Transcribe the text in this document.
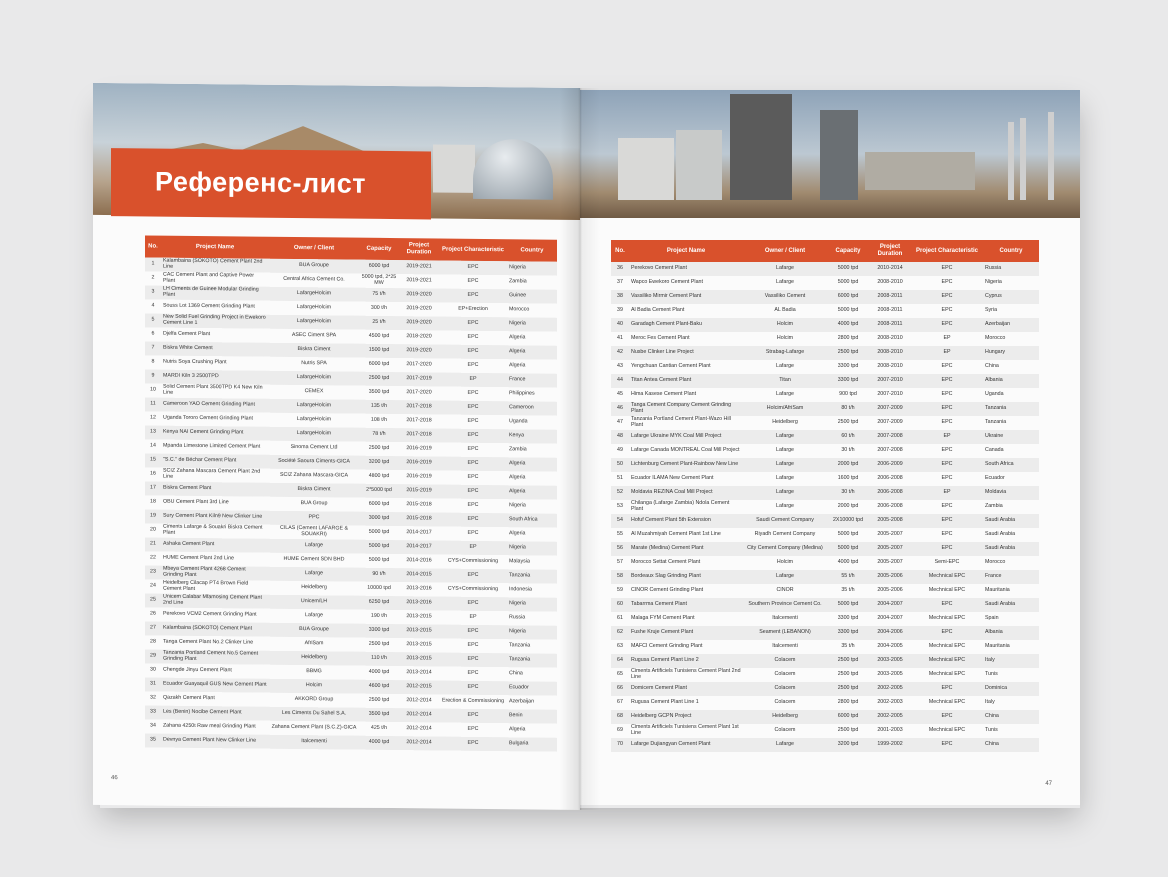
Референс-лист
No.	Project Name	Owner / Client	Capacity	Project Duration	Project Characteristic	Country
1	Kalambaina (SOKOTO) Cement Plant 2nd Line	BUA Groupe	6000 tpd	2019-2021	EPC	Nigeria
2	CAC Cement Plant and Captive Power Plant	Central Africa Cement Co.	5000 tpd, 2*25 MW	2019-2021	EPC	Zambia
3	LH Ciments de Guinee Modular Grinding Plant	LafargeHolcim	75 t/h	2019-2020	EPC	Guinee
4	Souss Lot 1369 Cement Grinding Plant	LafargeHolcim	300 t/h	2019-2020	EP+Erection	Morocco
5	New Solid Fuel Grinding Project in Ewekoro Cement Line 1	LafargeHolcim	25 t/h	2019-2020	EPC	Nigeria
6	Djelfa Cement Plant	ASEC Ciment SPA	4500 tpd	2018-2020	EPC	Algeria
7	Biskra White Cement	Biskra Ciment	1500 tpd	2019-2020	EPC	Algeria
8	Nutris Soya Crushing Plant	Nutris SPA	6000 tpd	2017-2020	EPC	Algeria
9	MARDI Kiln 3 2500TPD	LafargeHolcim	2500 tpd	2017-2019	EP	France
10	Solid Cement Plant 3500TPD K4 New Kiln Line	CEMEX	3500 tpd	2017-2020	EPC	Philippines
11	Cameroon YAO Cement Grinding Plant	LafargeHolcim	135 t/h	2017-2018	EPC	Cameroon
12	Uganda Tororo Cement Grinding Plant	LafargeHolcim	108 t/h	2017-2018	EPC	Uganda
13	Kenya NAI Cement Grinding Plant	LafargeHolcim	78 t/h	2017-2018	EPC	Kenya
14	Mpanda Limestone Limited Cement Plant	Sinoma Cement Ltd	2500 tpd	2016-2019	EPC	Zambia
15	"S.C." de Béchar Cement Plant	Société Saoura Ciments-GICA	3200 tpd	2016-2019	EPC	Algeria
16	SCIZ Zahana Mascara Cement Plant 2nd Line	SCIZ Zahana Mascara-GICA	4800 tpd	2016-2019	EPC	Algeria
17	Biskra Cement Plant	Biskra Ciment	2*5000 tpd	2015-2019	EPC	Algeria
18	OBU Cement Plant 3rd Line	BUA Group	6000 tpd	2015-2018	EPC	Nigeria
19	Sury Cement Plant Kiln9 New Clinker Line	PPC	3000 tpd	2015-2018	EPC	South Africa
20	Ciments Lafarge & Souakri Biskra Cement Plant	CILAS (Cement LAFARGE & SOUAKRI)	5000 tpd	2014-2017	EPC	Algeria
21	Ashaka Cement Plant	Lafarge	5000 tpd	2014-2017	EP	Nigeria
22	HUME Cement Plant 2nd Line	HUME Cement SDN BHD	5000 tpd	2014-2016	CYS+Commissioning	Malaysia
23	Mbeya Cement Plant 4268 Cement Grinding Plant	Lafarge	90 t/h	2014-2015	EPC	Tanzania
24	Heidelberg Cilacap PT4 Brown Field Cement Plant	Heidelberg	10000 tpd	2013-2016	CYS+Commissioning	Indonesia
25	Unicem Calabar Mfamosing Cement Plant 2nd Line	Unicem/LH	6250 tpd	2013-2016	EPC	Nigeria
26	Perekovo VCM2 Cement Grinding Plant	Lafarge	190 t/h	2013-2015	EP	Russia
27	Kalambaina (SOKOTO) Cement Plant	BUA Groupe	3300 tpd	2013-2015	EPC	Nigeria
28	Tanga Cement Plant No.2 Clinker Line	AfriSam	2500 tpd	2013-2015	EPC	Tanzania
29	Tanzania Portland Cement No.5 Cement Grinding Plant	Heidelberg	110 t/h	2013-2015	EPC	Tanzania
30	Chengde Jinyu Cement Plant	BBMG	4000 tpd	2013-2014	EPC	China
31	Ecuador Guayaquil GUS New Cement Plant	Holcim	4600 tpd	2012-2015	EPC	Ecuador
32	Qazakh Cement Plant	AKKORD Group	2500 tpd	2012-2014	Erection & Commissioning	Azerbaijan
33	Les (Benin) Nocibe Cement Plant	Les Ciments Du Sahel S.A.	3500 tpd	2012-2014	EPC	Benin
34	Zahana 4250t Raw meal Grinding Plant	Zahana Cement Plant (S.C.Z)-GICA	425 t/h	2012-2014	EPC	Algeria
35	Devnya Cement Plant New Clinker Line	Italcementi	4000 tpd	2012-2014	EPC	Bulgaria
46
No.	Project Name	Owner / Client	Capacity	Project Duration	Project Characteristic	Country
36	Perekovo Cement Plant	Lafarge	5000 tpd	2010-2014	EPC	Russia
37	Wapco Ewekoro Cement Plant	Lafarge	5000 tpd	2008-2010	EPC	Nigeria
38	Vassiliko Mirmir Cement Plant	Vassiliko Cement	6000 tpd	2008-2011	EPC	Cyprus
39	Al Badia Cement Plant	AL Badia	5000 tpd	2008-2011	EPC	Syria
40	Garadagh Cement Plant-Baku	Holcim	4000 tpd	2008-2011	EPC	Azerbaijan
41	Meroc Fes Cement Plant	Holcim	2800 tpd	2008-2010	EP	Morocco
42	Nusbe Clinker Line Project	Strabag-Lafarge	2500 tpd	2008-2010	EP	Hungary
43	Yengchuan Cantian Cement Plant	Lafarge	3300 tpd	2008-2010	EPC	China
44	Titan Antea Cement Plant	Titan	3300 tpd	2007-2010	EPC	Albania
45	Hima Kasese Cement Plant	Lafarge	900 tpd	2007-2010	EPC	Uganda
46	Tanga Cement Company Cement Grinding Plant	Holcim/AfriSam	80 t/h	2007-2009	EPC	Tanzania
47	Tanzania Portland Cement Plant-Wazo Hill Plant	Heidelberg	2500 tpd	2007-2009	EPC	Tanzania
48	Lafarge Ukraine MYK Coal Mill Project	Lafarge	60 t/h	2007-2008	EP	Ukraine
49	Lafarge Canada MONTREAL Coal Mill Project	Lafarge	30 t/h	2007-2008	EPC	Canada
50	Lichtenburg Cement Plant-Rainbow New Line	Lafarge	2000 tpd	2006-2009	EPC	South Africa
51	Ecuador ILAMA New Cement Plant	Lafarge	1600 tpd	2006-2008	EPC	Ecuador
52	Moldavia REZINA Coal Mill Project	Lafarge	30 t/h	2006-2008	EP	Moldavia
53	Chilanga (Lafarge Zambia) Ndola Cement Plant	Lafarge	2000 tpd	2006-2008	EPC	Zambia
54	Hofuf Cement Plant 5th Extension	Saudi Cement Company	2X10000 tpd	2005-2008	EPC	Saudi Arabia
55	Al Muzahmiyah Cement Plant 1st Line	Riyadh Cement Company	5000 tpd	2005-2007	EPC	Saudi Arabia
56	Marate (Medina) Cement Plant	City Cement Company (Medina)	5000 tpd	2005-2007	EPC	Saudi Arabia
57	Morocco Settat Cement Plant	Holcim	4000 tpd	2005-2007	Semi-EPC	Morocco
58	Bordeaux Slag Grinding Plant	Lafarge	55 t/h	2005-2006	Mechnical EPC	France
59	CINOR Cement Grinding Plant	CINOR	35 t/h	2005-2006	Mechnical EPC	Mauritania
60	Tabarrma Cement Plant	Southern Province Cement Co.	5000 tpd	2004-2007	EPC	Saudi Arabia
61	Malaga FYM Cement Plant	Italcementi	3300 tpd	2004-2007	Mechnical EPC	Spain
62	Fushe Kruje Cement Plant	Seament (LEBANON)	3300 tpd	2004-2006	EPC	Albania
63	MAFCI Cement Grinding Plant	Italcementi	35 t/h	2004-2005	Mechnical EPC	Mauritania
64	Rugusa Cement Plant Line 2	Colacem	2500 tpd	2003-2005	Mechnical EPC	Italy
65	Ciments Artificiels Tunisiens Cement Plant 2nd Line	Colacem	2500 tpd	2003-2005	Mechnical EPC	Tunis
66	Domicem Cement Plant	Colacem	2500 tpd	2002-2005	EPC	Dominica
67	Rugusa Cement Plant Line 1	Colacem	2800 tpd	2002-2003	Mechnical EPC	Italy
68	Heidelberg GCPN Project	Heidelberg	6000 tpd	2002-2005	EPC	China
69	Ciments Artificiels Tunisiens Cement Plant 1st Line	Colacem	2500 tpd	2001-2003	Mechnical EPC	Tunis
70	Lafarge Dujiangyan Cement Plant	Lafarge	3200 tpd	1999-2002	EPC	China
47
